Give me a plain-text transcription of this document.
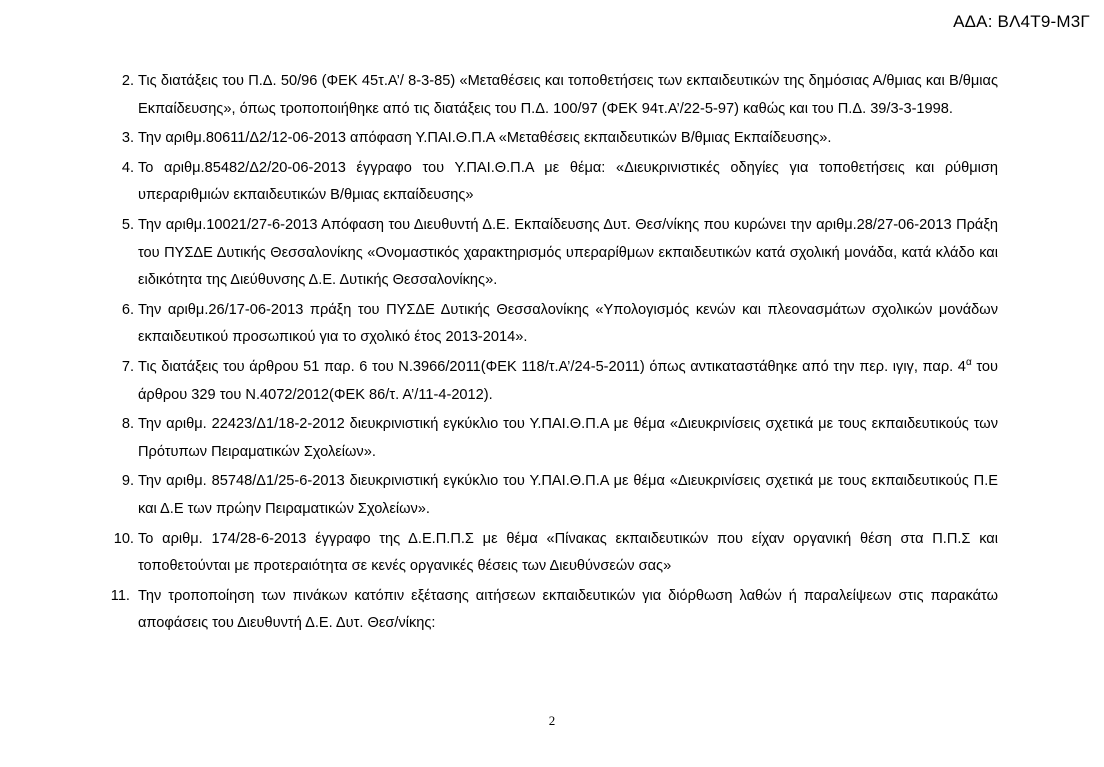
ΑΔΑ: ΒΛ4Τ9-Μ3Γ
2. Τις διατάξεις του Π.Δ. 50/96 (ΦΕΚ 45τ.Α’/ 8-3-85) «Μεταθέσεις και τοποθετήσεις των εκπαιδευτικών της δημόσιας Α/θμιας και Β/θμιας Εκπαίδευσης», όπως τροποποιήθηκε από τις διατάξεις του Π.Δ. 100/97 (ΦΕΚ 94τ.Α’/22-5-97) καθώς και του Π.Δ. 39/3-3-1998.
3. Την αριθμ.80611/Δ2/12-06-2013 απόφαση Υ.ΠΑΙ.Θ.Π.Α «Μεταθέσεις εκπαιδευτικών Β/θμιας Εκπαίδευσης».
4. Το αριθμ.85482/Δ2/20-06-2013 έγγραφο του Υ.ΠΑΙ.Θ.Π.Α με θέμα: «Διευκρινιστικές οδηγίες για τοποθετήσεις και ρύθμιση υπεραριθμιών εκπαιδευτικών Β/θμιας εκπαίδευσης»
5. Την αριθμ.10021/27-6-2013 Απόφαση του Διευθυντή Δ.Ε. Εκπαίδευσης Δυτ. Θεσ/νίκης που κυρώνει την αριθμ.28/27-06-2013 Πράξη του ΠΥΣΔΕ Δυτικής Θεσσαλονίκης «Ονομαστικός χαρακτηρισμός υπεραρίθμων εκπαιδευτικών κατά σχολική μονάδα, κατά κλάδο και ειδικότητα της Διεύθυνσης Δ.Ε. Δυτικής Θεσσαλονίκης».
6. Την αριθμ.26/17-06-2013 πράξη του ΠΥΣΔΕ Δυτικής Θεσσαλονίκης «Υπολογισμός κενών και πλεονασμάτων σχολικών μονάδων εκπαιδευτικού προσωπικού για το σχολικό έτος 2013-2014».
7. Τις διατάξεις του άρθρου 51 παρ. 6 του Ν.3966/2011(ΦΕΚ 118/τ.Α’/24-5-2011) όπως αντικαταστάθηκε από την περ. ιγιγ, παρ. $4^\alpha$ του άρθρου 329 του Ν.4072/2012(ΦΕΚ 86/τ. Α’/11-4-2012).
8. Την αριθμ. 22423/Δ1/18-2-2012 διευκρινιστική εγκύκλιο του Υ.ΠΑΙ.Θ.Π.Α με θέμα «Διευκρινίσεις σχετικά με τους εκπαιδευτικούς των Πρότυπων Πειραματικών Σχολείων».
9. Την αριθμ. 85748/Δ1/25-6-2013 διευκρινιστική εγκύκλιο του Υ.ΠΑΙ.Θ.Π.Α με θέμα «Διευκρινίσεις σχετικά με τους εκπαιδευτικούς Π.Ε και Δ.Ε των πρώην Πειραματικών Σχολείων».
10. Το αριθμ. 174/28-6-2013 έγγραφο της Δ.Ε.Π.Π.Σ με θέμα «Πίνακας εκπαιδευτικών που είχαν οργανική θέση στα Π.Π.Σ και τοποθετούνται με προτεραιότητα σε κενές οργανικές θέσεις των Διευθύνσεών σας»
11. Την τροποποίηση των πινάκων κατόπιν εξέτασης αιτήσεων εκπαιδευτικών για διόρθωση λαθών ή παραλείψεων στις παρακάτω αποφάσεις του Διευθυντή Δ.Ε. Δυτ. Θεσ/νίκης:
2
